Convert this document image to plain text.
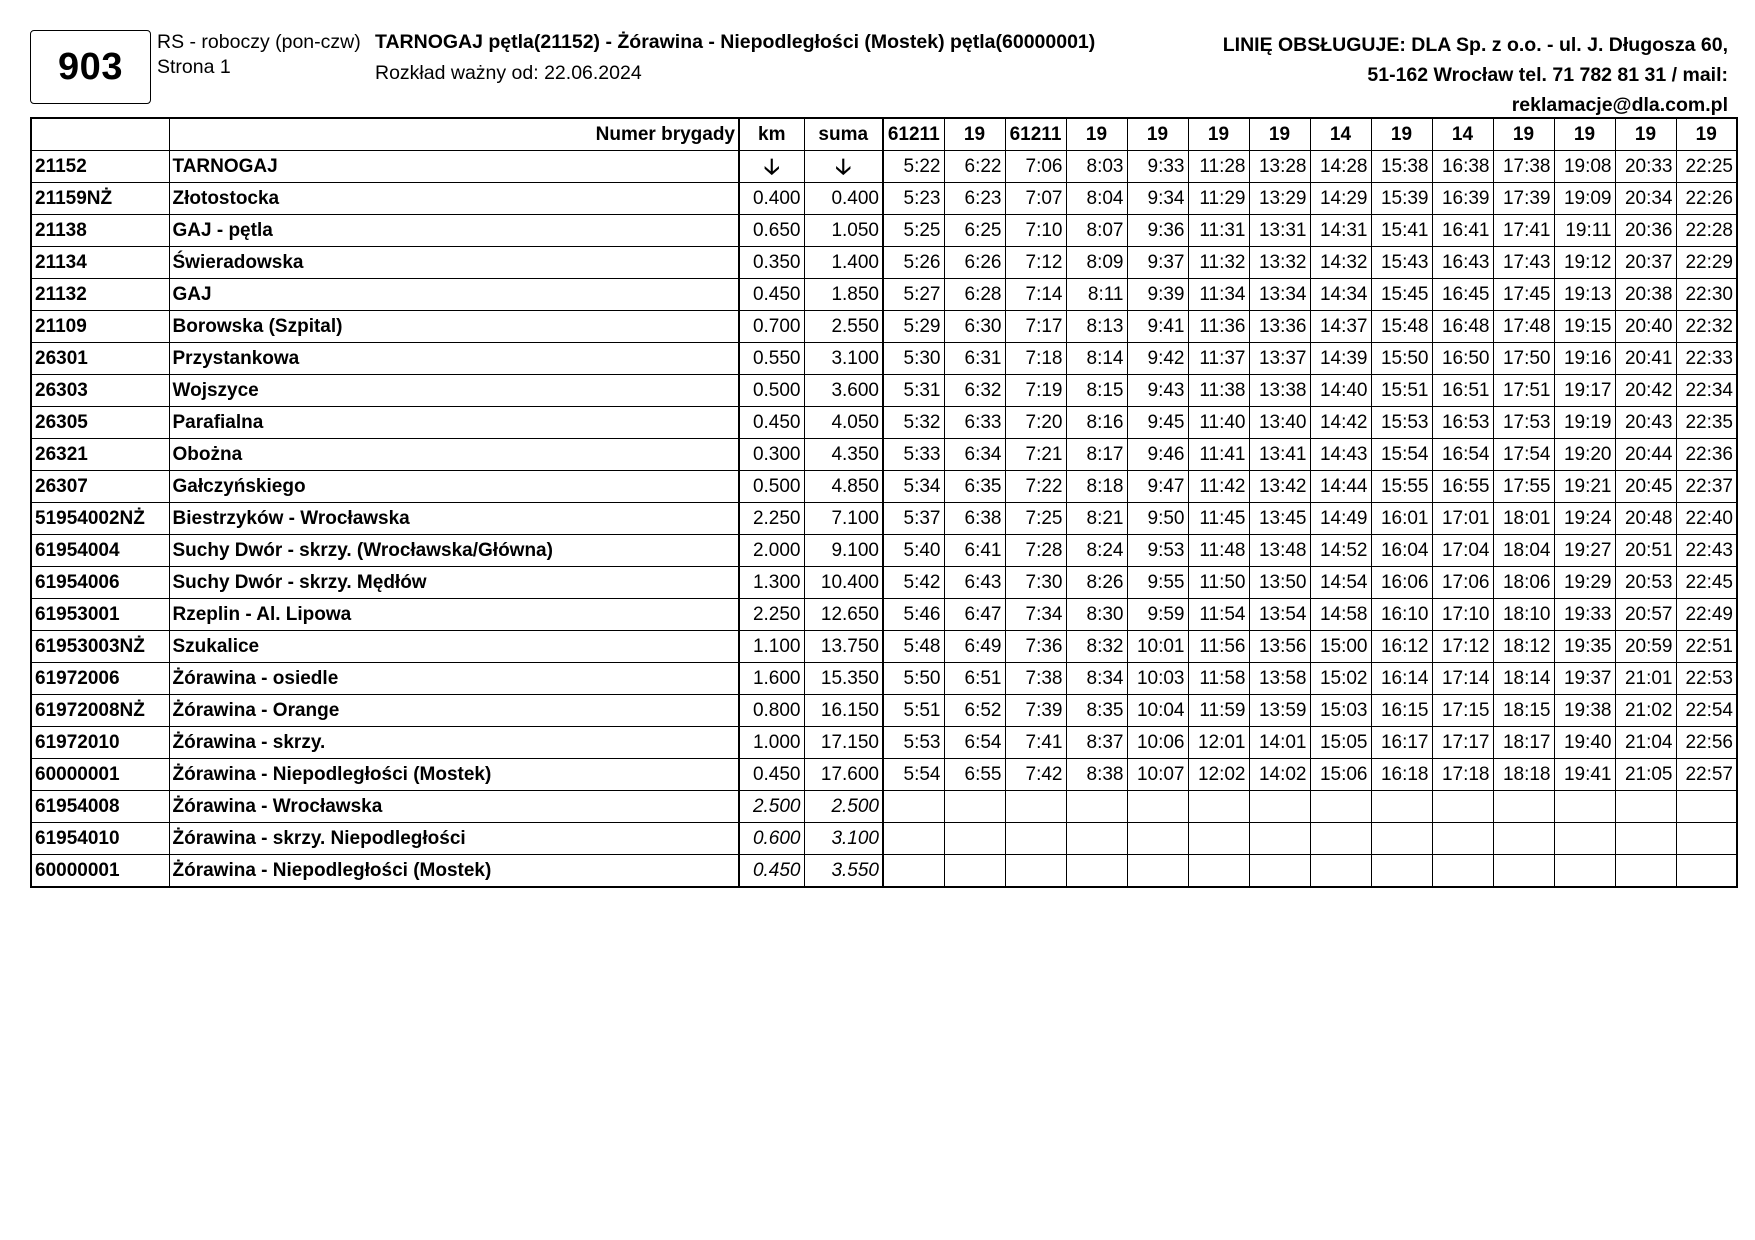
903
RS - roboczy (pon-czw)
Strona 1
TARNOGAJ pętla(21152) - Żórawina - Niepodległości (Mostek) pętla(60000001)
Rozkład ważny od: 22.06.2024
LINIĘ OBSŁUGUJE: DLA Sp. z o.o. - ul. J. Długosza 60,
51-162 Wrocław tel. 71 782 81 31 / mail:
reklamacje@dla.com.pl
	Numer brygady	km	suma	61211	19	61211	19	19	19	19	14	19	14	19	19	19	19
21152	TARNOGAJ	🡣	🡣	5:22	6:22	7:06	8:03	9:33	11:28	13:28	14:28	15:38	16:38	17:38	19:08	20:33	22:25
21159NŻ	Złotostocka	0.400	0.400	5:23	6:23	7:07	8:04	9:34	11:29	13:29	14:29	15:39	16:39	17:39	19:09	20:34	22:26
21138	GAJ - pętla	0.650	1.050	5:25	6:25	7:10	8:07	9:36	11:31	13:31	14:31	15:41	16:41	17:41	19:11	20:36	22:28
21134	Świeradowska	0.350	1.400	5:26	6:26	7:12	8:09	9:37	11:32	13:32	14:32	15:43	16:43	17:43	19:12	20:37	22:29
21132	GAJ	0.450	1.850	5:27	6:28	7:14	8:11	9:39	11:34	13:34	14:34	15:45	16:45	17:45	19:13	20:38	22:30
21109	Borowska (Szpital)	0.700	2.550	5:29	6:30	7:17	8:13	9:41	11:36	13:36	14:37	15:48	16:48	17:48	19:15	20:40	22:32
26301	Przystankowa	0.550	3.100	5:30	6:31	7:18	8:14	9:42	11:37	13:37	14:39	15:50	16:50	17:50	19:16	20:41	22:33
26303	Wojszyce	0.500	3.600	5:31	6:32	7:19	8:15	9:43	11:38	13:38	14:40	15:51	16:51	17:51	19:17	20:42	22:34
26305	Parafialna	0.450	4.050	5:32	6:33	7:20	8:16	9:45	11:40	13:40	14:42	15:53	16:53	17:53	19:19	20:43	22:35
26321	Obożna	0.300	4.350	5:33	6:34	7:21	8:17	9:46	11:41	13:41	14:43	15:54	16:54	17:54	19:20	20:44	22:36
26307	Gałczyńskiego	0.500	4.850	5:34	6:35	7:22	8:18	9:47	11:42	13:42	14:44	15:55	16:55	17:55	19:21	20:45	22:37
51954002NŻ	Biestrzyków - Wrocławska	2.250	7.100	5:37	6:38	7:25	8:21	9:50	11:45	13:45	14:49	16:01	17:01	18:01	19:24	20:48	22:40
61954004	Suchy Dwór - skrzy. (Wrocławska/Główna)	2.000	9.100	5:40	6:41	7:28	8:24	9:53	11:48	13:48	14:52	16:04	17:04	18:04	19:27	20:51	22:43
61954006	Suchy Dwór - skrzy. Mędłów	1.300	10.400	5:42	6:43	7:30	8:26	9:55	11:50	13:50	14:54	16:06	17:06	18:06	19:29	20:53	22:45
61953001	Rzeplin - Al. Lipowa	2.250	12.650	5:46	6:47	7:34	8:30	9:59	11:54	13:54	14:58	16:10	17:10	18:10	19:33	20:57	22:49
61953003NŻ	Szukalice	1.100	13.750	5:48	6:49	7:36	8:32	10:01	11:56	13:56	15:00	16:12	17:12	18:12	19:35	20:59	22:51
61972006	Żórawina - osiedle	1.600	15.350	5:50	6:51	7:38	8:34	10:03	11:58	13:58	15:02	16:14	17:14	18:14	19:37	21:01	22:53
61972008NŻ	Żórawina - Orange	0.800	16.150	5:51	6:52	7:39	8:35	10:04	11:59	13:59	15:03	16:15	17:15	18:15	19:38	21:02	22:54
61972010	Żórawina - skrzy.	1.000	17.150	5:53	6:54	7:41	8:37	10:06	12:01	14:01	15:05	16:17	17:17	18:17	19:40	21:04	22:56
60000001	Żórawina - Niepodległości (Mostek)	0.450	17.600	5:54	6:55	7:42	8:38	10:07	12:02	14:02	15:06	16:18	17:18	18:18	19:41	21:05	22:57
61954008	Żórawina - Wrocławska	2.500	2.500														
61954010	Żórawina - skrzy. Niepodległości	0.600	3.100														
60000001	Żórawina - Niepodległości (Mostek)	0.450	3.550														
